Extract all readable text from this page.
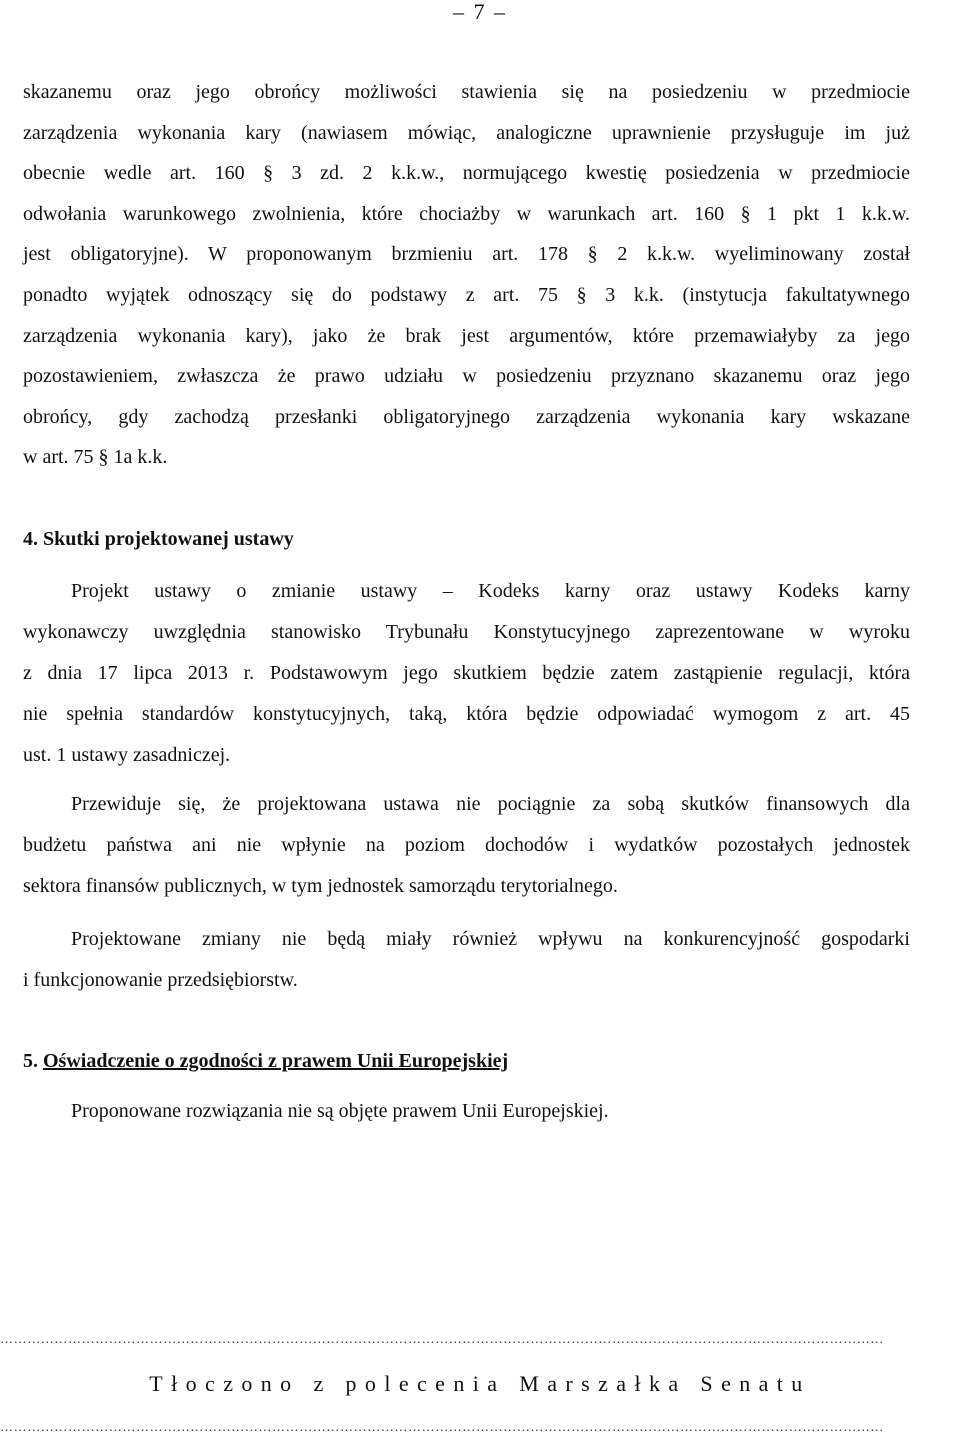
– 7 –
skazanemu oraz jego obrońcy możliwości stawienia się na posiedzeniu w przedmiocie
zarządzenia wykonania kary (nawiasem mówiąc, analogiczne uprawnienie przysługuje im już
obecnie wedle art. 160 § 3 zd. 2 k.k.w., normującego kwestię posiedzenia w przedmiocie
odwołania warunkowego zwolnienia, które chociażby w warunkach art. 160 § 1 pkt 1 k.k.w.
jest obligatoryjne). W proponowanym brzmieniu art. 178 § 2 k.k.w. wyeliminowany został
ponadto wyjątek odnoszący się do podstawy z art. 75 § 3 k.k. (instytucja fakultatywnego
zarządzenia wykonania kary), jako że brak jest argumentów, które przemawiałyby za jego
pozostawieniem, zwłaszcza że prawo udziału w posiedzeniu przyznano skazanemu oraz jego
obrońcy, gdy zachodzą przesłanki obligatoryjnego zarządzenia wykonania kary wskazane
w art. 75 § 1a k.k.
4. Skutki projektowanej ustawy
Projekt ustawy o zmianie ustawy – Kodeks karny oraz ustawy Kodeks karny
wykonawczy uwzględnia stanowisko Trybunału Konstytucyjnego zaprezentowane w wyroku
z dnia 17 lipca 2013 r. Podstawowym jego skutkiem będzie zatem zastąpienie regulacji, która
nie spełnia standardów konstytucyjnych, taką, która będzie odpowiadać wymogom z art. 45
ust. 1 ustawy zasadniczej.
Przewiduje się, że projektowana ustawa nie pociągnie za sobą skutków finansowych dla
budżetu państwa ani nie wpłynie na poziom dochodów i wydatków pozostałych jednostek
sektora finansów publicznych, w tym jednostek samorządu terytorialnego.
Projektowane zmiany nie będą miały również wpływu na konkurencyjność gospodarki
i funkcjonowanie przedsiębiorstw.
5. Oświadczenie o zgodności z prawem Unii Europejskiej
Proponowane rozwiązania nie są objęte prawem Unii Europejskiej.
……………………………………………………………………………………………………………………………………………………………………………
Tłoczono z polecenia Marszałka Senatu
……………………………………………………………………………………………………………………………………………………………………………
